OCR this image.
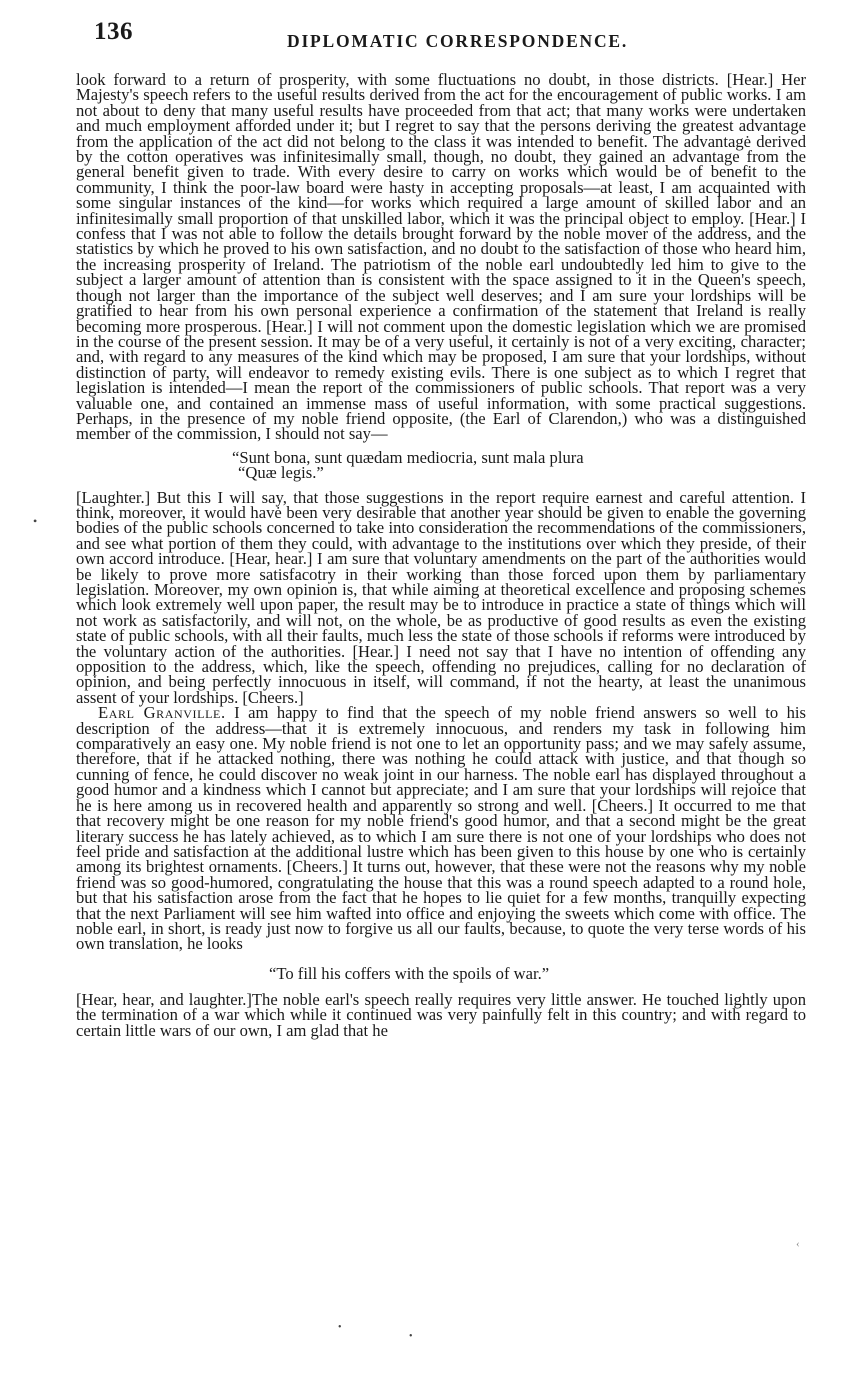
136	DIPLOMATIC CORRESPONDENCE.

look forward to a return of prosperity, with some fluctuations no doubt, in those districts. [Hear.] Her Majesty's speech refers to the useful results derived from the act for the encouragement of public works. I am not about to deny that many useful results have proceeded from that act; that many works were undertaken and much employment afforded under it; but I regret to say that the persons deriving the greatest advantage from the application of the act did not belong to the class it was intended to benefit. The advantagė derived by the cotton operatives was infinitesimally small, though, no doubt, they gained an advantage from the general benefit given to trade. With every desire to carry on works which would be of benefit to the community, I think the poor-law board were hasty in accepting proposals—at least, I am acquainted with some singular instances of the kind—for works which required a large amount of skilled labor and an infinitesimally small proportion of that unskilled labor, which it was the principal object to employ. [Hear.] I confess that I was not able to follow the details brought forward by the noble mover of the address, and the statistics by which he proved to his own satisfaction, and no doubt to the satisfaction of those who heard him, the increasing prosperity of Ireland. The patriotism of the noble earl undoubtedly led him to give to the subject a larger amount of attention than is consistent with the space assigned to it in the Queen's speech, though not larger than the importance of the subject well deserves; and I am sure your lordships will be gratified to hear from his own personal experience a confirmation of the statement that Ireland is really becoming more prosperous. [Hear.] I will not comment upon the domestic legislation which we are promised in the course of the present session. It may be of a very useful, it certainly is not of a very exciting, character; and, with regard to any measures of the kind which may be proposed, I am sure that your lordships, without distinction of party, will endeavor to remedy existing evils. There is one subject as to which I regret that legislation is intended—I mean the report of the commissioners of public schools. That report was a very valuable one, and contained an immense mass of useful information, with some practical suggestions. Perhaps, in the presence of my noble friend opposite, (the Earl of Clarendon,) who was a distinguished member of the commission, I should not say—

“Sunt bona, sunt quædam mediocria, sunt mala plura
“Quæ legis.”

[Laughter.] But this I will say, that those suggestions in the report require earnest and careful attention. I think, moreover, it would havė been very desirable that another year should be given to enable the governing bodies of the public schools concerned to take into consideration the recommendations of the commissioners, and see what portion of them they could, with advantage to the institutions over which they preside, of their own accord introduce. [Hear, hear.] I am sure that voluntary amendments on the part of the authorities would be likely to prove more satisfacotry in their working than those forced upon them by parliamentary legislation. Moreover, my own opinion is, that while aiming at theoretical excellence and proposing schemes which look extremely well upon paper, the result may be to introduce in practice a state of things which will not work as satisfactorily, and will not, on the whole, be as productive of good results as even the existing state of public schools, with all their faults, much less the state of those schools if reforms were introduced by the voluntary action of the authorities. [Hear.] I need not say that I have no intention of offending any opposition to the address, which, like the speech, offending no prejudices, calling for no declaration of opinion, and being perfectly innocuous in itself, will command, if not the hearty, at least the unanimous assent of your lordships. [Cheers.]

Earl Granville. I am happy to find that the speech of my noble friend answers so well to his description of the address—that it is extremely innocuous, and renders my task in following him comparatively an easy one. My noble friend is not one to let an opportunity pass; and we may safely assume, therefore, that if he attacked nothing, there was nothing he could attack with justice, and that though so cunning of fence, he could discover no weak joint in our harness. The noble earl has displayed throughout a good humor and a kindness which I cannot but appreciate; and I am sure that your lordships will rejoice that he is here among us in recovered health and apparently so strong and well. [Cheers.] It occurred to me that that recovery might be one reason for my noble friend's good humor, and that a second might be the great literary success he has lately achieved, as to which I am sure there is not one of your lordships who does not feel pride and satisfaction at the additional lustre which has been given to this house by one who is certainly among its brightest ornaments. [Cheers.] It turns out, however, that these were not the reasons why my noble friend was so good-humored, congratulating the house that this was a round speech adapted to a round hole, but that his satisfaction arose from the fact that he hopes to lie quiet for a few months, tranquilly expecting that the next Parliament will see him wafted into office and enjoying the sweets which come with office. The noble earl, in short, is ready just now to forgive us all our faults, because, to quote the very terse words of his own translation, he looks

“To fill his coffers with the spoils of war.”

[Hear, hear, and laughter.]The noble earl's speech really requires very little answer. He touched lightly upon the termination of a war which while it continued was very painfully felt in this country; and with regard to certain little wars of our own, I am glad that he

•
•
•
‹
